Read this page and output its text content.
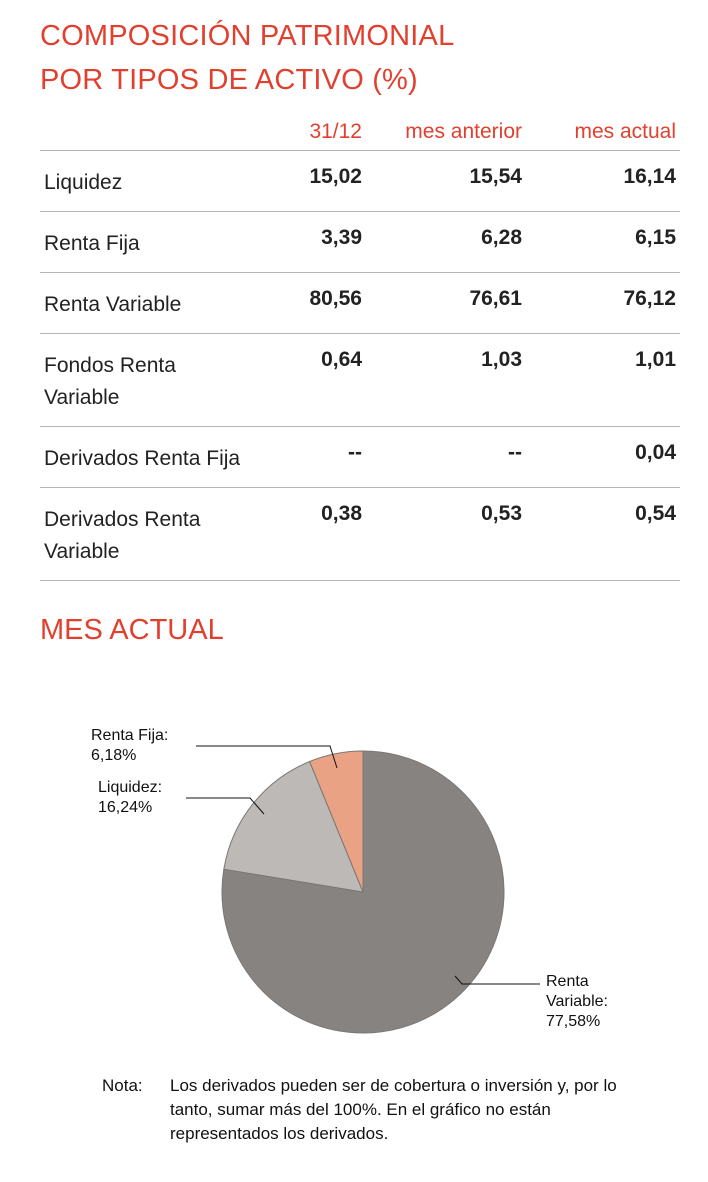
COMPOSICIÓN PATRIMONIAL
POR TIPOS DE ACTIVO (%)
	31/12	mes anterior	mes actual
Liquidez	15,02	15,54	16,14
Renta Fija	3,39	6,28	6,15
Renta Variable	80,56	76,61	76,12
Fondos Renta Variable	0,64	1,03	1,01
Derivados Renta Fija	--	--	0,04
Derivados Renta Variable	0,38	0,53	0,54
MES ACTUAL
Renta Variable: 77,58%
Liquidez: 16,24%
Renta Fija: 6,18%
Nota: Los derivados pueden ser de cobertura o inversión y, por lo tanto, sumar más del 100%. En el gráfico no están representados los derivados.
